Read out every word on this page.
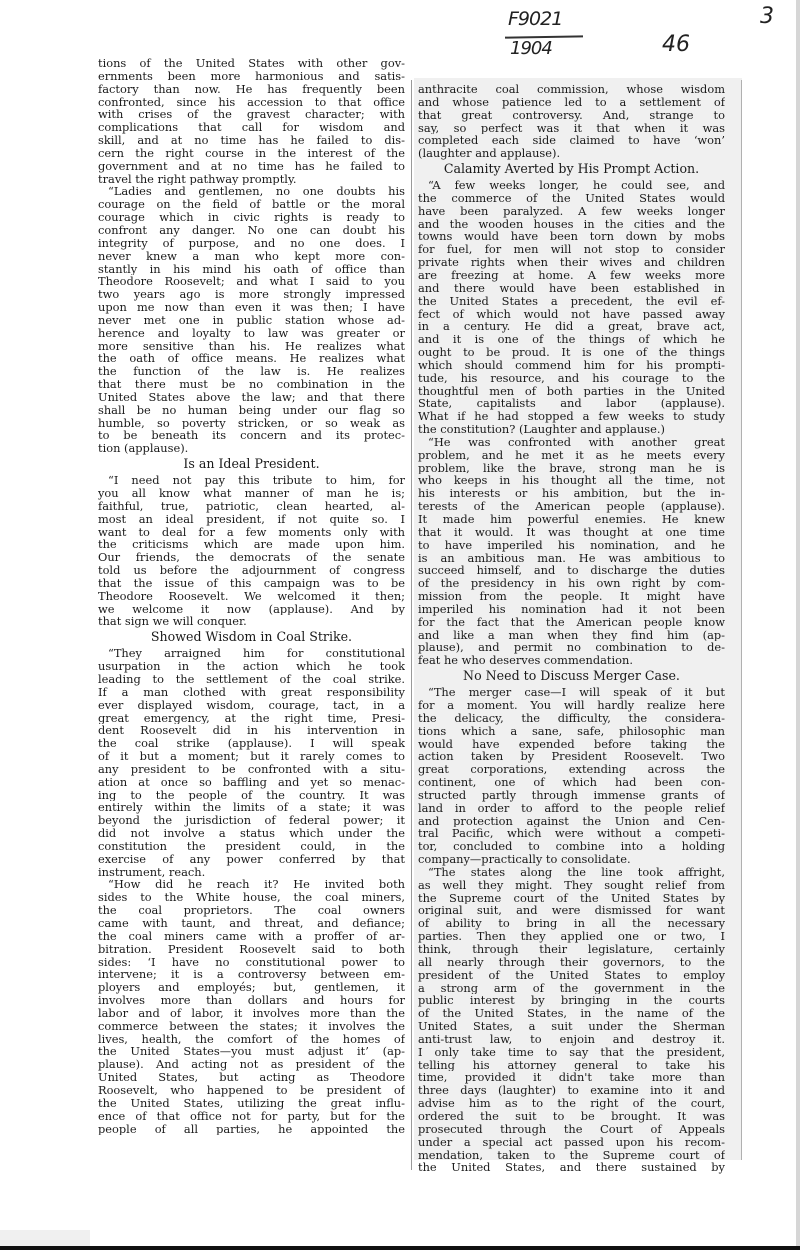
F9021
1904	46
3
tions of the United States with other gov-
ernments been more harmonious and satis-
factory than now. He has frequently been
confronted, since his accession to that office
with crises of the gravest character; with
complications that call for wisdom and
skill, and at no time has he failed to dis-
cern the right course in the interest of the
government and at no time has he failed to
travel the right pathway promptly.
“Ladies and gentlemen, no one doubts his
courage on the field of battle or the moral
courage which in civic rights is ready to
confront any danger. No one can doubt his
integrity of purpose, and no one does. I
never knew a man who kept more con-
stantly in his mind his oath of office than
Theodore Roosevelt; and what I said to you
two years ago is more strongly impressed
upon me now than even it was then; I have
never met one in public station whose ad-
herence and loyalty to law was greater or
more sensitive than his. He realizes what
the oath of office means. He realizes what
the function of the law is. He realizes
that there must be no combination in the
United States above the law; and that there
shall be no human being under our flag so
humble, so poverty stricken, or so weak as
to be beneath its concern and its protec-
tion (applause).
Is an Ideal President.
“I need not pay this tribute to him, for
you all know what manner of man he is;
faithful, true, patriotic, clean hearted, al-
most an ideal president, if not quite so. I
want to deal for a few moments only with
the criticisms which are made upon him.
Our friends, the democrats of the senate
told us before the adjournment of congress
that the issue of this campaign was to be
Theodore Roosevelt. We welcomed it then;
we welcome it now (applause). And by
that sign we will conquer.
Showed Wisdom in Coal Strike.
“They arraigned him for constitutional
usurpation in the action which he took
leading to the settlement of the coal strike.
If a man clothed with great responsibility
ever displayed wisdom, courage, tact, in a
great emergency, at the right time, Presi-
dent Roosevelt did in his intervention in
the coal strike (applause). I will speak
of it but a moment; but it rarely comes to
any president to be confronted with a situ-
ation at once so baffling and yet so menac-
ing to the people of the country. It was
entirely within the limits of a state; it was
beyond the jurisdiction of federal power; it
did not involve a status which under the
constitution the president could, in the
exercise of any power conferred by that
instrument, reach.
“How did he reach it? He invited both
sides to the White house, the coal miners,
the coal proprietors. The coal owners
came with taunt, and threat, and defiance;
the coal miners came with a proffer of ar-
bitration. President Roosevelt said to both
sides: ‘I have no constitutional power to
intervene; it is a controversy between em-
ployers and employés; but, gentlemen, it
involves more than dollars and hours for
labor and of labor, it involves more than the
commerce between the states; it involves the
lives, health, the comfort of the homes of
the United States—you must adjust it’ (ap-
plause). And acting not as president of the
United States, but acting as Theodore
Roosevelt, who happened to be president of
the United States, utilizing the great influ-
ence of that office not for party, but for the
people of all parties, he appointed the
anthracite coal commission, whose wisdom
and whose patience led to a settlement of
that great controversy. And, strange to
say, so perfect was it that when it was
completed each side claimed to have ‘won’
(laughter and applause).
Calamity Averted by His Prompt Action.
“A few weeks longer, he could see, and
the commerce of the United States would
have been paralyzed. A few weeks longer
and the wooden houses in the cities and the
towns would have been torn down by mobs
for fuel, for men will not stop to consider
private rights when their wives and children
are freezing at home. A few weeks more
and there would have been established in
the United States a precedent, the evil ef-
fect of which would not have passed away
in a century. He did a great, brave act,
and it is one of the things of which he
ought to be proud. It is one of the things
which should commend him for his prompti-
tude, his resource, and his courage to the
thoughtful men of both parties in the United
State, capitalists and labor (applause).
What if he had stopped a few weeks to study
the constitution? (Laughter and applause.)
“He was confronted with another great
problem, and he met it as he meets every
problem, like the brave, strong man he is
who keeps in his thought all the time, not
his interests or his ambition, but the in-
terests of the American people (applause).
It made him powerful enemies. He knew
that it would. It was thought at one time
to have imperiled his nomination, and he
is an ambitious man. He was ambitious to
succeed himself, and to discharge the duties
of the presidency in his own right by com-
mission from the people. It might have
imperiled his nomination had it not been
for the fact that the American people know
and like a man when they find him (ap-
plause), and permit no combination to de-
feat he who deserves commendation.
No Need to Discuss Merger Case.
“The merger case—I will speak of it but
for a moment. You will hardly realize here
the delicacy, the difficulty, the considera-
tions which a sane, safe, philosophic man
would have expended before taking the
action taken by President Roosevelt. Two
great corporations, extending across the
continent, one of which had been con-
structed partly through immense grants of
land in order to afford to the people relief
and protection against the Union and Cen-
tral Pacific, which were without a competi-
tor, concluded to combine into a holding
company—practically to consolidate.
“The states along the line took affright,
as well they might. They sought relief from
the Supreme court of the United States by
original suit, and were dismissed for want
of ability to bring in all the necessary
parties. Then they applied one or two, I
think, through their legislature, certainly
all nearly through their governors, to the
president of the United States to employ
a strong arm of the government in the
public interest by bringing in the courts
of the United States, in the name of the
United States, a suit under the Sherman
anti-trust law, to enjoin and destroy it.
I only take time to say that the president,
telling his attorney general to take his
time, provided it didn't take more than
three days (laughter) to examine into it and
advise him as to the right of the court,
ordered the suit to be brought. It was
prosecuted through the Court of Appeals
under a special act passed upon his recom-
mendation, taken to the Supreme court of
the United States, and there sustained by
